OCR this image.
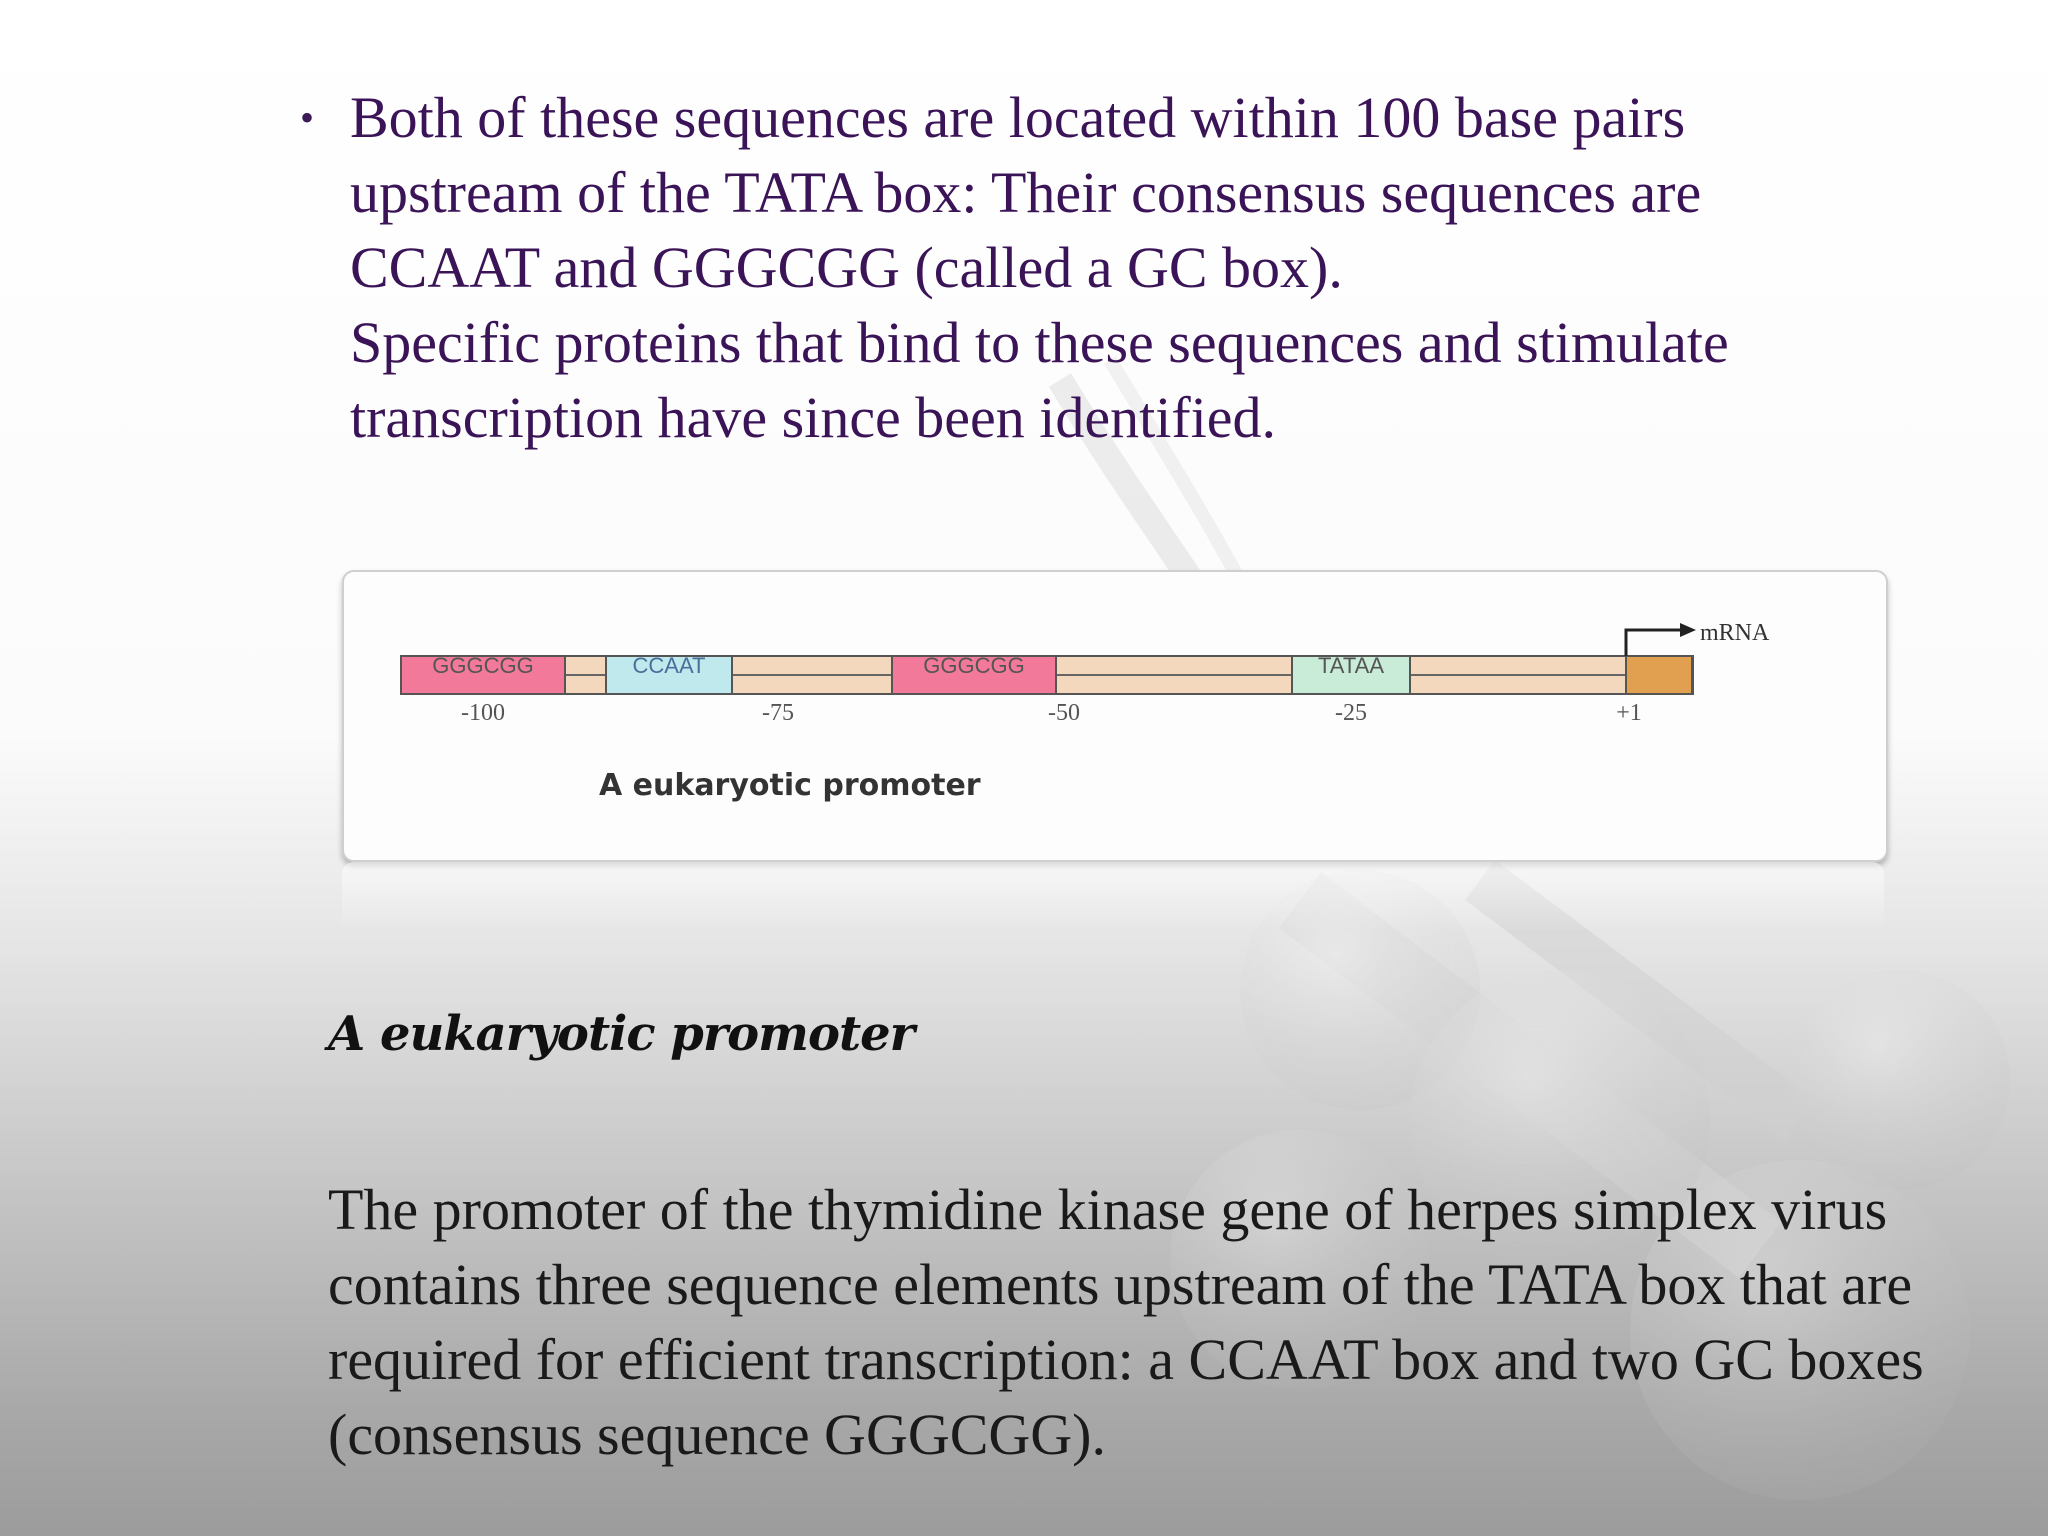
• Both of these sequences are located within 100 base pairs upstream of the TATA box: Their consensus sequences are CCAAT and GGGCGG (called a GC box).

Specific proteins that bind to these sequences and stimulate transcription have since been identified.

GGGCGG	CCAAT	GGGCGG	TATAA
mRNA
-100	-75	-50	-25	+1
A eukaryotic promoter
A eukaryotic promoter

The promoter of the thymidine kinase gene of herpes simplex virus contains three sequence elements upstream of the TATA box that are required for efficient transcription: a CCAAT box and two GC boxes (consensus sequence GGGCGG).
